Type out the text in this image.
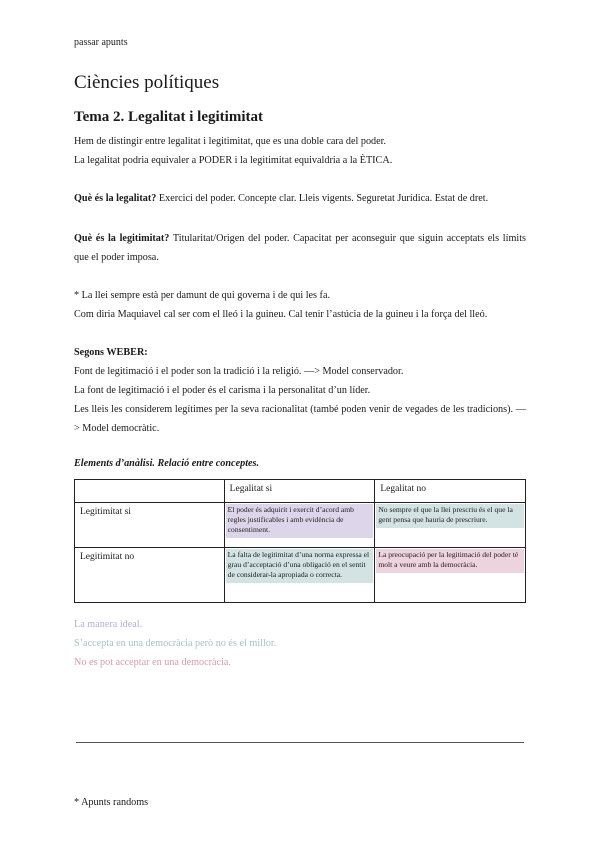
passar apunts
Ciències polítiques
Tema 2. Legalitat i legitimitat

Hem de distingir entre legalitat i legitimitat, que es una doble cara del poder.

La legalitat podria equivaler a PODER i la legitimitat equivaldria a la ÈTICA.

Què és la legalitat? Exercici del poder. Concepte clar. Lleis vigents. Seguretat Jurídica. Estat de dret.

Què és la legitimitat? Titularitat/Origen del poder. Capacitat per aconseguir que siguin acceptats els límits que el poder imposa.

* La llei sempre està per damunt de qui governa i de qui les fa.

Com diria Maquiavel cal ser com el lleó i la guineu. Cal tenir l’astúcia de la guineu i la força del lleó.

Segons WEBER:

Font de legitimació i el poder son la tradició i la religió. —> Model conservador.

La font de legitimació i el poder és el carisma i la personalitat d’un líder.

Les lleis les considerem legítimes per la seva racionalitat (també poden venir de vegades de les tradicions). —> Model democràtic.

Elements d’anàlisi. Relació entre conceptes.
	Legalitat si	Legalitat no
Legitimitat si	El poder és adquirit i exercit d’acord amb regles justificables i amb evidència de consentiment.	No sempre el que la llei prescriu és el que la gent pensa que hauria de prescriure.

Legitimitat no	La falta de legitimitat d’una norma expressa el grau d’acceptació d’una obligació en el sentit de considerar-la apropiada o correcta.	La preocupació per la legitimació del poder té molt a veure amb la democràcia.
La manera ideal.
S’accepta en una democràcia però no és el millor.
No es pot acceptar en una democràcia.
* Apunts randoms
